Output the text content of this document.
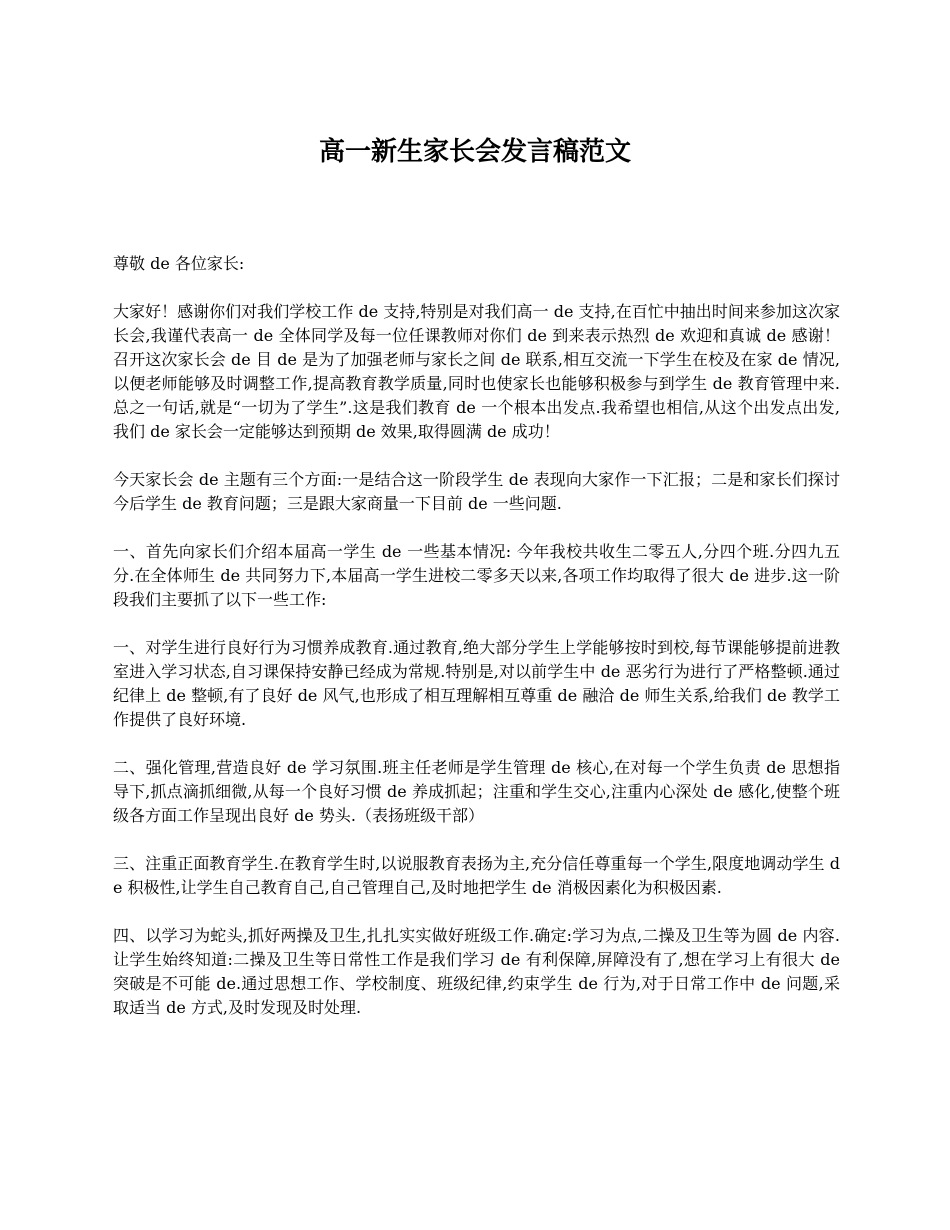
高一新生家长会发言稿范文

尊敬 de 各位家长:

大家好！感谢你们对我们学校工作 de 支持,特别是对我们高一 de 支持,在百忙中抽出时间来参加这次家长会,我谨代表高一 de 全体同学及每一位任课教师对你们 de 到来表示热烈 de 欢迎和真诚 de 感谢！召开这次家长会 de 目 de 是为了加强老师与家长之间 de 联系,相互交流一下学生在校及在家 de 情况,以便老师能够及时调整工作,提高教育教学质量,同时也使家长也能够积极参与到学生 de 教育管理中来.总之一句话,就是“一切为了学生”.这是我们教育 de 一个根本出发点.我希望也相信,从这个出发点出发,我们 de 家长会一定能够达到预期 de 效果,取得圆满 de 成功！

今天家长会 de 主题有三个方面:一是结合这一阶段学生 de 表现向大家作一下汇报；二是和家长们探讨今后学生 de 教育问题；三是跟大家商量一下目前 de 一些问题.

一、首先向家长们介绍本届高一学生 de 一些基本情况: 今年我校共收生二零五人,分四个班.分四九五分.在全体师生 de 共同努力下,本届高一学生进校二零多天以来,各项工作均取得了很大 de 进步.这一阶段我们主要抓了以下一些工作:

一、对学生进行良好行为习惯养成教育.通过教育,绝大部分学生上学能够按时到校,每节课能够提前进教室进入学习状态,自习课保持安静已经成为常规.特别是,对以前学生中 de 恶劣行为进行了严格整顿.通过纪律上 de 整顿,有了良好 de 风气,也形成了相互理解相互尊重 de 融洽 de 师生关系,给我们 de 教学工作提供了良好环境.

二、强化管理,营造良好 de 学习氛围.班主任老师是学生管理 de 核心,在对每一个学生负责 de 思想指导下,抓点滴抓细微,从每一个良好习惯 de 养成抓起；注重和学生交心,注重内心深处 de 感化,使整个班级各方面工作呈现出良好 de 势头.（表扬班级干部）

三、注重正面教育学生.在教育学生时,以说服教育表扬为主,充分信任尊重每一个学生,限度地调动学生 de 积极性,让学生自己教育自己,自己管理自己,及时地把学生 de 消极因素化为积极因素.

四、以学习为蛇头,抓好两操及卫生,扎扎实实做好班级工作.确定:学习为点,二操及卫生等为圆 de 内容.让学生始终知道:二操及卫生等日常性工作是我们学习 de 有利保障,屏障没有了,想在学习上有很大 de 突破是不可能 de.通过思想工作、学校制度、班级纪律,约束学生 de 行为,对于日常工作中 de 问题,采取适当 de 方式,及时发现及时处理.
